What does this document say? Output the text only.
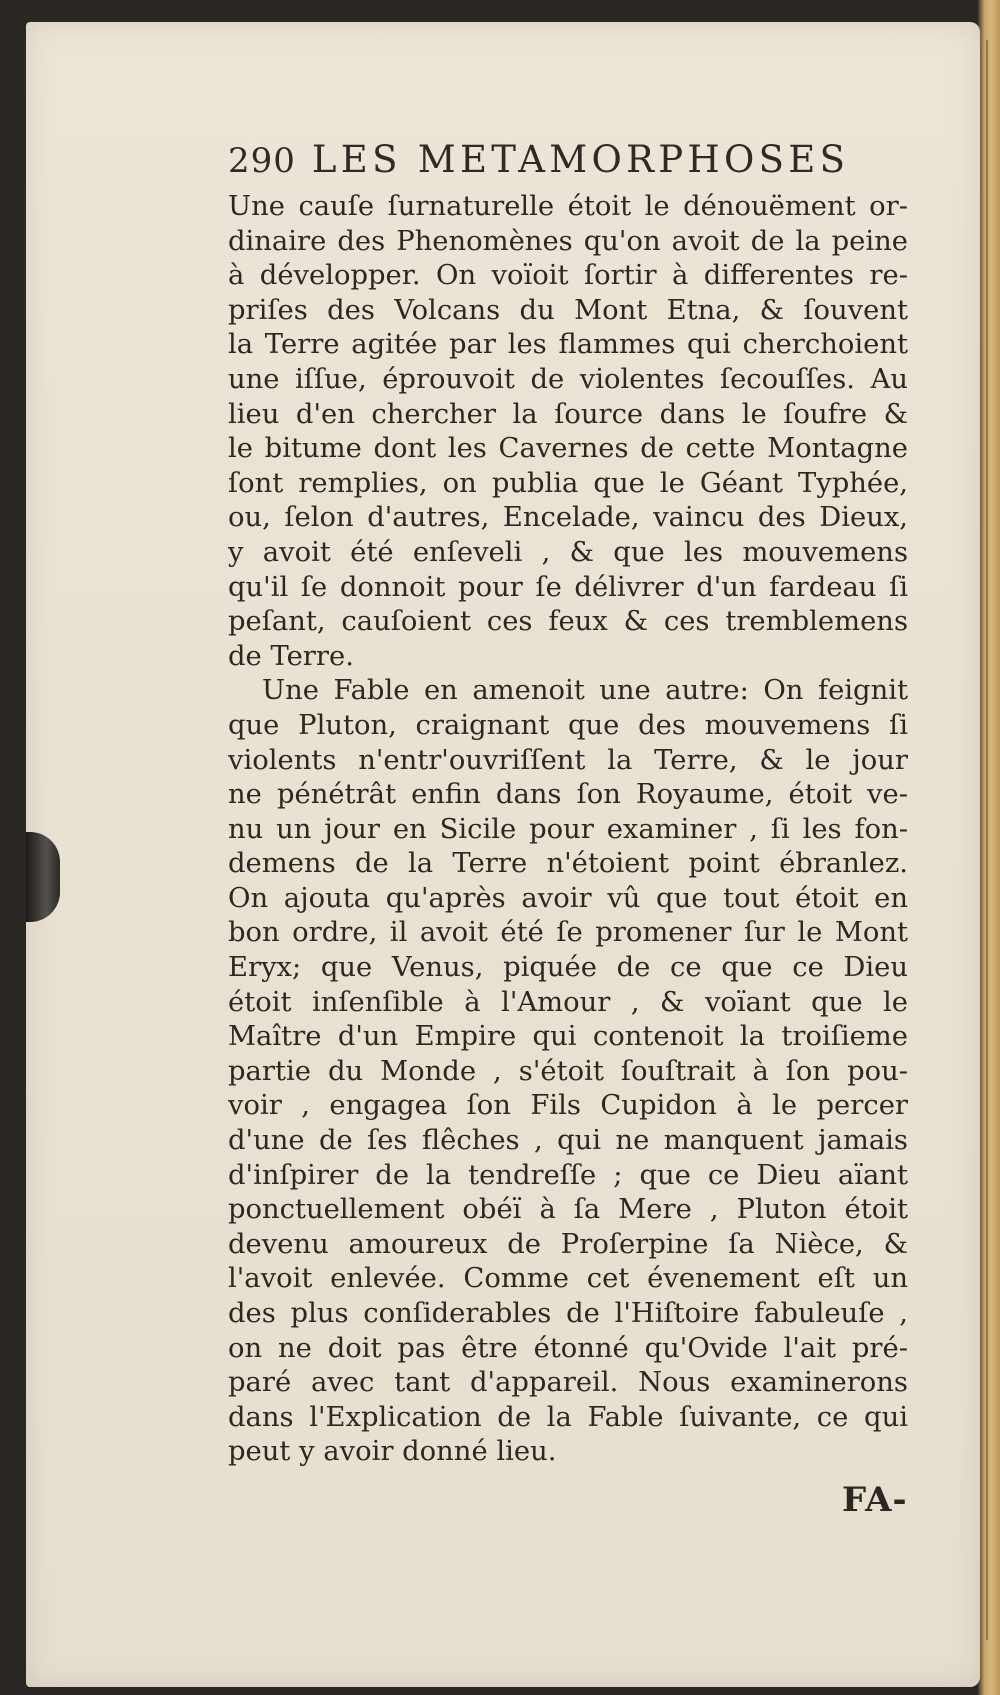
290 LES METAMORPHOSES
Une cauſe ſurnaturelle étoit le dénouëment or-
dinaire des Phenomènes qu'on avoit de la peine
à développer. On voïoit ſortir à differentes re-
priſes des Volcans du Mont Etna, & ſouvent
la Terre agitée par les flammes qui cherchoient
une iſſue, éprouvoit de violentes ſecouſſes. Au
lieu d'en chercher la ſource dans le ſoufre &
le bitume dont les Cavernes de cette Montagne
ſont remplies, on publia que le Géant Typhée,
ou, ſelon d'autres, Encelade, vaincu des Dieux,
y avoit été enſeveli , & que les mouvemens
qu'il ſe donnoit pour ſe délivrer d'un fardeau ſi
peſant, cauſoient ces feux & ces tremblemens
de Terre.
Une Fable en amenoit une autre: On feignit
que Pluton, craignant que des mouvemens ſi
violents n'entr'ouvriſſent la Terre, & le jour
ne pénétrât enfin dans ſon Royaume, étoit ve-
nu un jour en Sicile pour examiner , ſi les fon-
demens de la Terre n'étoient point ébranlez.
On ajouta qu'après avoir vû que tout étoit en
bon ordre, il avoit été ſe promener ſur le Mont
Eryx; que Venus, piquée de ce que ce Dieu
étoit inſenſible à l'Amour , & voïant que le
Maître d'un Empire qui contenoit la troiſieme
partie du Monde , s'étoit ſouſtrait à ſon pou-
voir , engagea ſon Fils Cupidon à le percer
d'une de ſes flêches , qui ne manquent jamais
d'inſpirer de la tendreſſe ; que ce Dieu aïant
ponctuellement obéï à ſa Mere , Pluton étoit
devenu amoureux de Proſerpine ſa Nièce, &
l'avoit enlevée. Comme cet évenement eſt un
des plus conſiderables de l'Hiſtoire fabuleuſe ,
on ne doit pas être étonné qu'Ovide l'ait pré-
paré avec tant d'appareil. Nous examinerons
dans l'Explication de la Fable ſuivante, ce qui
peut y avoir donné lieu.
FA-
